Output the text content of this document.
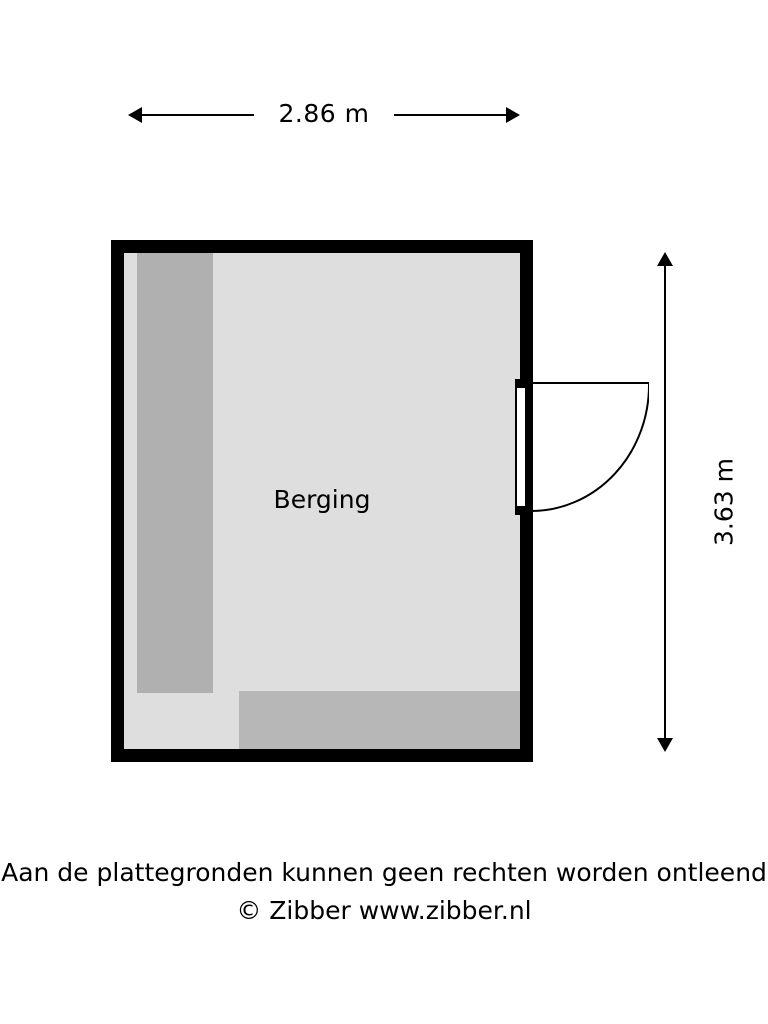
2.86 m
3.63 m
Berging
Aan de plattegronden kunnen geen rechten worden ontleend
© Zibber www.zibber.nl
